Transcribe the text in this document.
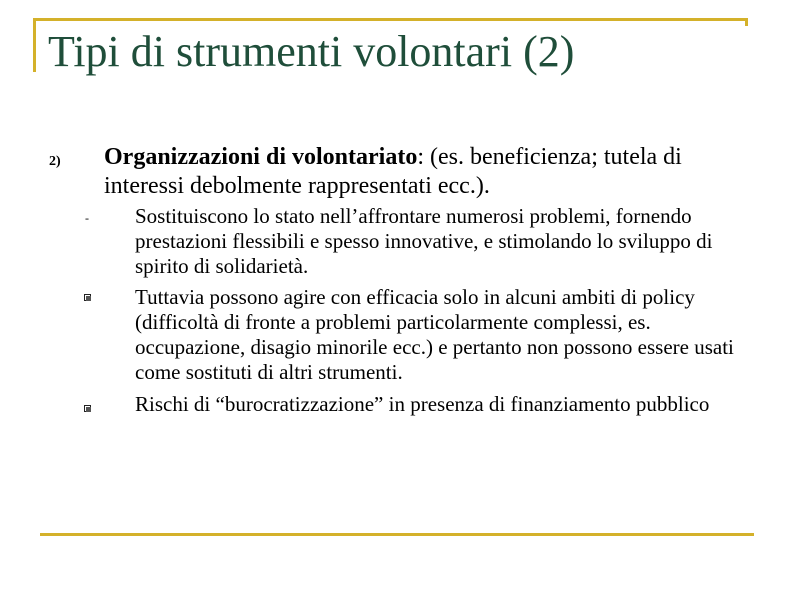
Tipi di strumenti volontari (2)
2) Organizzazioni di volontariato: (es. beneficienza; tutela di interessi debolmente rappresentati ecc.).
- Sostituiscono lo stato nell’affrontare numerosi problemi, fornendo prestazioni flessibili e spesso innovative, e stimolando lo sviluppo di spirito di solidarietà.

Tuttavia possono agire con efficacia solo in alcuni ambiti di policy (difficoltà di fronte a problemi particolarmente complessi, es. occupazione, disagio minorile ecc.) e pertanto non possono essere usati come sostituti di altri strumenti.

Rischi di “burocratizzazione” in presenza di finanziamento pubblico
